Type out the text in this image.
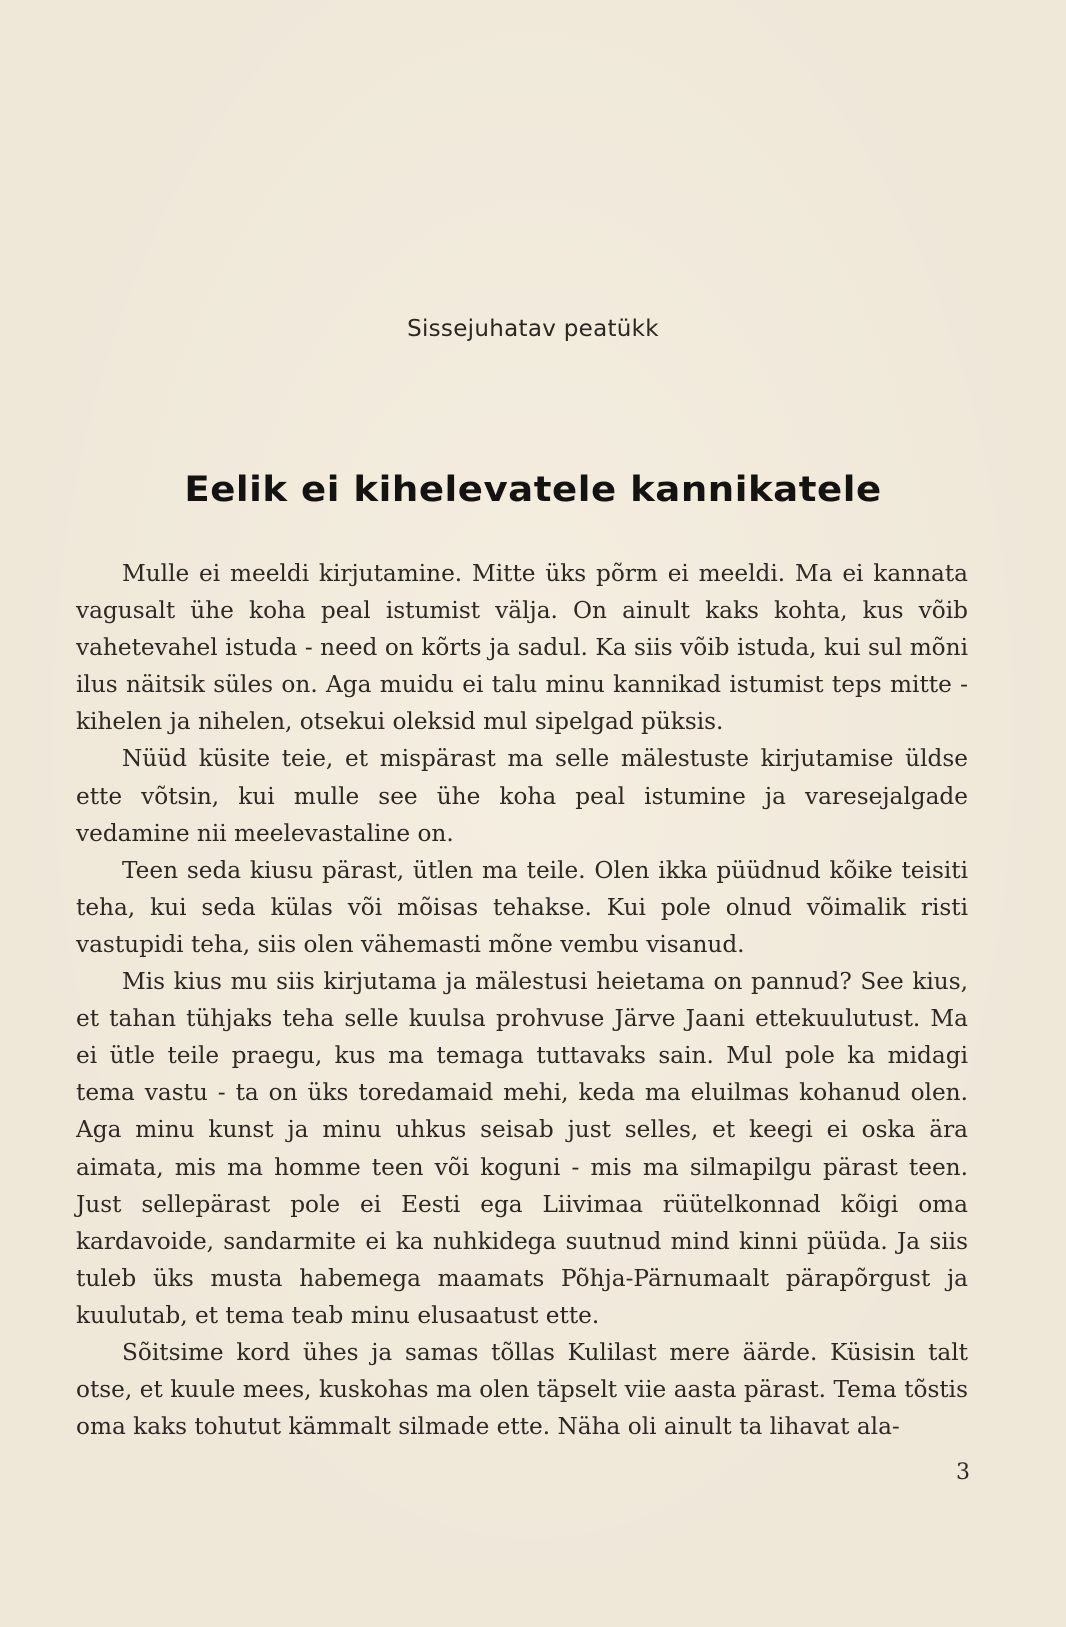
Sissejuhatav peatükk
Eelik ei kihelevatele kannikatele

Mulle ei meeldi kirjutamine. Mitte üks põrm ei meeldi. Ma ei kannata vagusalt ühe koha peal istumist välja. On ainult kaks kohta, kus võib vahetevahel istuda - need on kõrts ja sadul. Ka siis võib istuda, kui sul mõni ilus näitsik süles on. Aga muidu ei talu minu kannikad istumist teps mitte - kihelen ja nihelen, otsekui oleksid mul sipelgad püksis.

Nüüd küsite teie, et mispärast ma selle mälestuste kirjutamise üldse ette võtsin, kui mulle see ühe koha peal istumine ja varesejalgade vedamine nii meelevastaline on.

Teen seda kiusu pärast, ütlen ma teile. Olen ikka püüdnud kõike teisiti teha, kui seda külas või mõisas tehakse. Kui pole olnud võimalik risti vastupidi teha, siis olen vähemasti mõne vembu visanud.

Mis kius mu siis kirjutama ja mälestusi heietama on pannud? See kius, et tahan tühjaks teha selle kuulsa prohvuse Järve Jaani ettekuulutust. Ma ei ütle teile praegu, kus ma temaga tuttavaks sain. Mul pole ka midagi tema vastu - ta on üks toredamaid mehi, keda ma eluilmas kohanud olen. Aga minu kunst ja minu uhkus seisab just selles, et keegi ei oska ära aimata, mis ma homme teen või koguni - mis ma silmapilgu pärast teen. Just sellepärast pole ei Eesti ega Liivimaa rüütelkonnad kõigi oma kardavoide, sandarmite ei ka nuhkidega suutnud mind kinni püüda. Ja siis tuleb üks musta habemega maamats Põhja-Pärnumaalt pärapõrgust ja kuulutab, et tema teab minu elusaatust ette.

Sõitsime kord ühes ja samas tõllas Kulilast mere äärde. Küsisin talt otse, et kuule mees, kuskohas ma olen täpselt viie aasta pärast. Tema tõstis oma kaks tohutut kämmalt silmade ette. Näha oli ainult ta lihavat ala-

3
